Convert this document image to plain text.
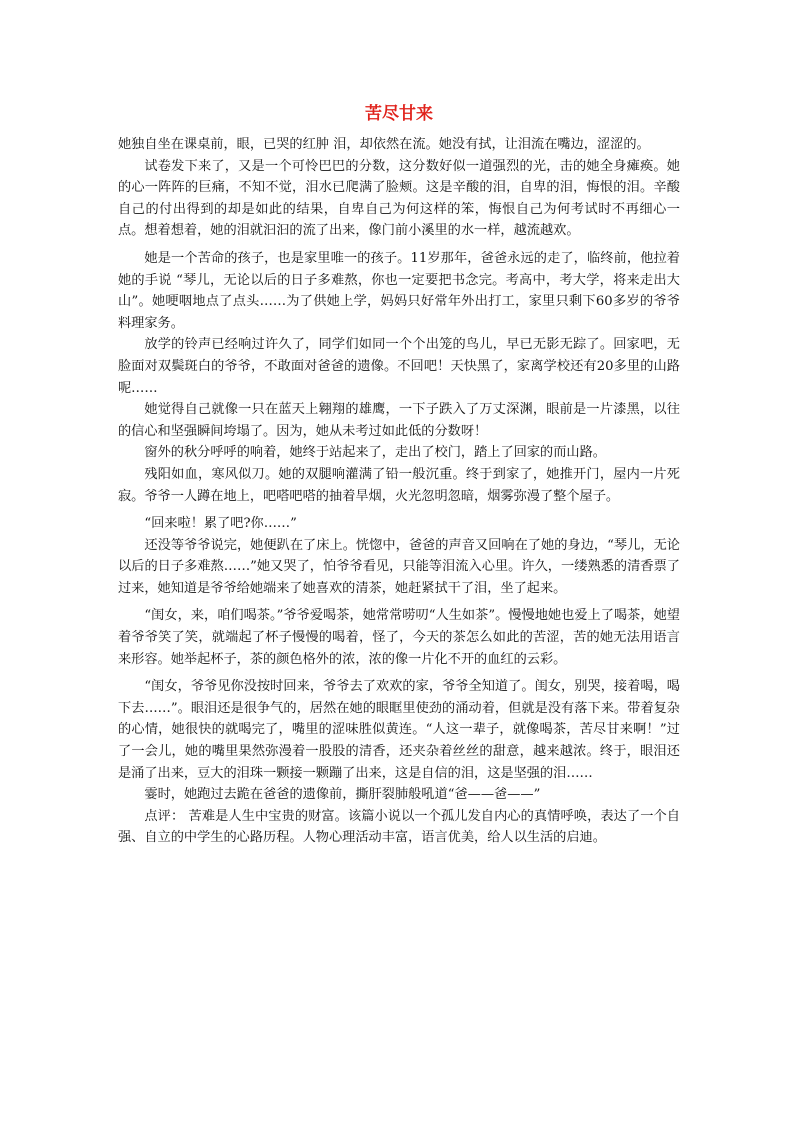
苦尽甘来

她独自坐在课桌前，眼，已哭的红肿 泪，却依然在流。她没有拭，让泪流在嘴边，涩涩的。

试卷发下来了，又是一个可怜巴巴的分数，这分数好似一道强烈的光，击的她全身瘫痪。她的心一阵阵的巨痛，不知不觉，泪水已爬满了脸颊。这是辛酸的泪，自卑的泪，悔恨的泪。辛酸自己的付出得到的却是如此的结果，自卑自己为何这样的笨，悔恨自己为何考试时不再细心一点。想着想着，她的泪就汩汩的流了出来，像门前小溪里的水一样，越流越欢。

她是一个苦命的孩子，也是家里唯一的孩子。11岁那年，爸爸永远的走了，临终前，他拉着她的手说 “琴儿，无论以后的日子多难熬，你也一定要把书念完。考高中，考大学，将来走出大山”。她哽咽地点了点头……为了供她上学，妈妈只好常年外出打工，家里只剩下60多岁的爷爷料理家务。

放学的铃声已经响过许久了，同学们如同一个个出笼的鸟儿，早已无影无踪了。回家吧，无脸面对双鬓斑白的爷爷，不敢面对爸爸的遗像。不回吧！天快黑了，家离学校还有20多里的山路呢……

她觉得自己就像一只在蓝天上翱翔的雄鹰，一下子跌入了万丈深渊，眼前是一片漆黑，以往的信心和坚强瞬间垮塌了。因为，她从未考过如此低的分数呀！

窗外的秋分呼呼的响着，她终于站起来了，走出了校门，踏上了回家的而山路。

残阳如血，寒风似刀。她的双腿响灌满了铅一般沉重。终于到家了，她推开门，屋内一片死寂。爷爷一人蹲在地上，吧嗒吧嗒的抽着旱烟，火光忽明忽暗，烟雾弥漫了整个屋子。

“回来啦！累了吧?你……”

还没等爷爷说完，她便趴在了床上。恍惚中，爸爸的声音又回响在了她的身边，“琴儿，无论以后的日子多难熬……”她又哭了，怕爷爷看见，只能等泪流入心里。许久，一缕熟悉的清香票了过来，她知道是爷爷给她端来了她喜欢的清茶，她赶紧拭干了泪，坐了起来。

“闺女，来，咱们喝茶。”爷爷爱喝茶，她常常唠叨“人生如茶”。慢慢地她也爱上了喝茶，她望着爷爷笑了笑，就端起了杯子慢慢的喝着，怪了，今天的茶怎么如此的苦涩，苦的她无法用语言来形容。她举起杯子，茶的颜色格外的浓，浓的像一片化不开的血红的云彩。

“闺女，爷爷见你没按时回来，爷爷去了欢欢的家，爷爷全知道了。闺女，别哭，接着喝，喝下去……”。眼泪还是很争气的，居然在她的眼眶里使劲的涌动着，但就是没有落下来。带着复杂的心情，她很快的就喝完了，嘴里的涩味胜似黄连。“人这一辈子，就像喝茶，苦尽甘来啊！”过了一会儿，她的嘴里果然弥漫着一股股的清香，还夹杂着丝丝的甜意，越来越浓。终于，眼泪还是涌了出来，豆大的泪珠一颗接一颗蹦了出来，这是自信的泪，这是坚强的泪……

霎时，她跑过去跪在爸爸的遗像前，撕肝裂肺般吼道“爸——爸——”

点评： 苦难是人生中宝贵的财富。该篇小说以一个孤儿发自内心的真情呼唤，表达了一个自强、自立的中学生的心路历程。人物心理活动丰富，语言优美，给人以生活的启迪。
